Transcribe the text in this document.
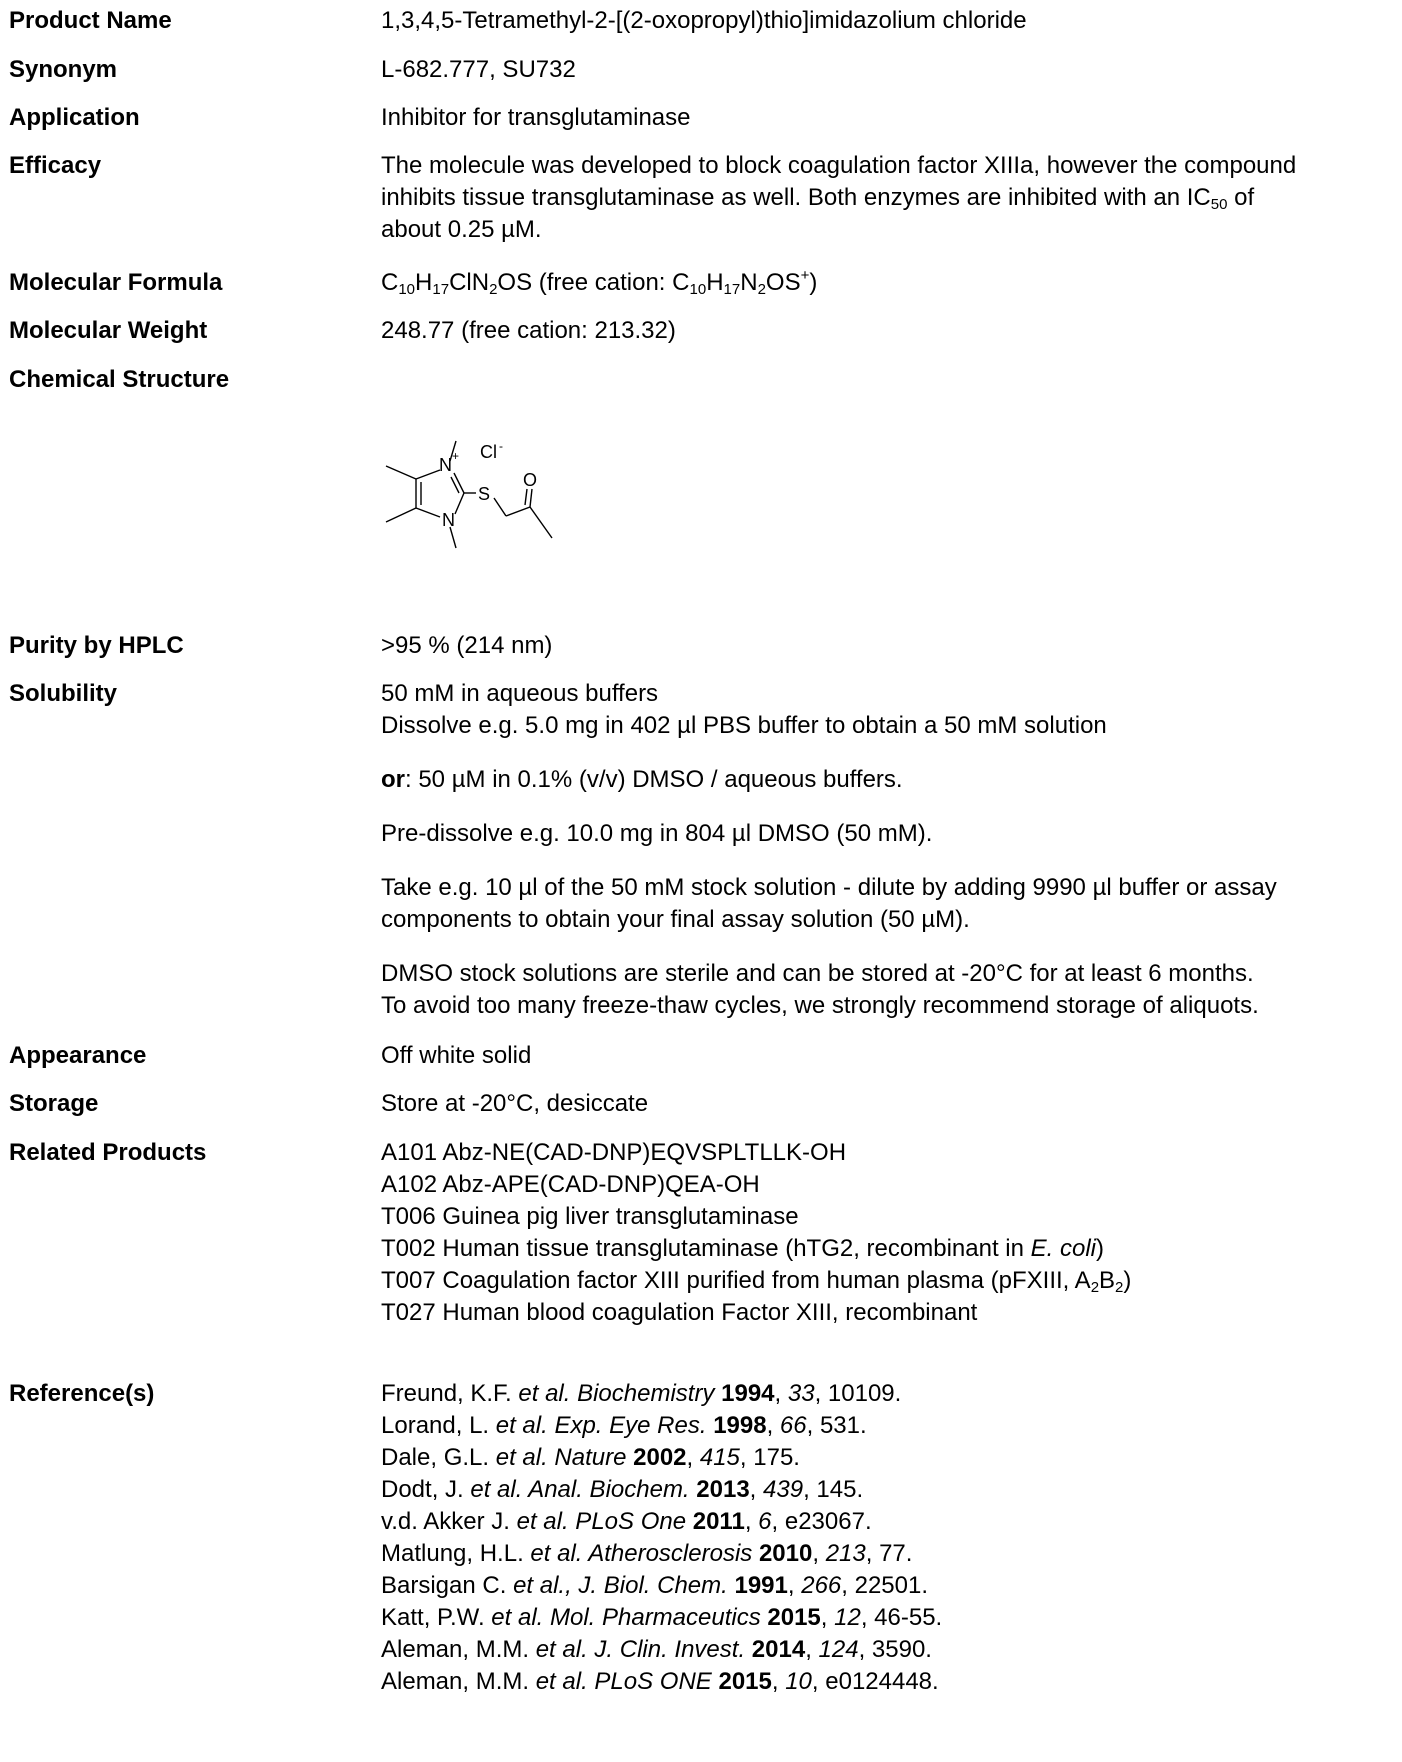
Product Name	1,3,4,5-Tetramethyl-2-[(2-oxopropyl)thio]imidazolium chloride
Synonym	L-682.777, SU732
Application	Inhibitor for transglutaminase
Efficacy	The molecule was developed to block coagulation factor XIIIa, however the compound
inhibits tissue transglutaminase as well. Both enzymes are inhibited with an $IC_{50}$ of
about 0.25 µM.
Molecular Formula	$C_{10}H_{17}ClN_2OS$ (free cation: $C_{10}H_{17}N_2OS^+$)
Molecular Weight	248.77 (free cation: 213.32)
Chemical Structure
N + Cl -
N
S
O
Purity by HPLC	>95 % (214 nm)
Solubility	50 mM in aqueous buffers
Dissolve e.g. 5.0 mg in 402 µl PBS buffer to obtain a 50 mM solution
or: 50 µM in 0.1% (v/v) DMSO / aqueous buffers.
Pre-dissolve e.g. 10.0 mg in 804 µl DMSO (50 mM).
Take e.g. 10 µl of the 50 mM stock solution - dilute by adding 9990 µl buffer or assay
components to obtain your final assay solution (50 µM).
DMSO stock solutions are sterile and can be stored at -20°C for at least 6 months.
To avoid too many freeze-thaw cycles, we strongly recommend storage of aliquots.
Appearance	Off white solid
Storage	Store at -20°C, desiccate
Related Products	A101 Abz-NE(CAD-DNP)EQVSPLTLLK-OH
A102 Abz-APE(CAD-DNP)QEA-OH
T006 Guinea pig liver transglutaminase
T002 Human tissue transglutaminase (hTG2, recombinant in E. coli)
T007 Coagulation factor XIII purified from human plasma (pFXIII, $A_2B_2$)
T027 Human blood coagulation Factor XIII, recombinant
Reference(s)	Freund, K.F. et al. Biochemistry 1994, 33, 10109.
Lorand, L. et al. Exp. Eye Res. 1998, 66, 531.
Dale, G.L. et al. Nature 2002, 415, 175.
Dodt, J. et al. Anal. Biochem. 2013, 439, 145.
v.d. Akker J. et al. PLoS One 2011, 6, e23067.
Matlung, H.L. et al. Atherosclerosis 2010, 213, 77.
Barsigan C. et al., J. Biol. Chem. 1991, 266, 22501.
Katt, P.W. et al. Mol. Pharmaceutics 2015, 12, 46-55.
Aleman, M.M. et al. J. Clin. Invest. 2014, 124, 3590.
Aleman, M.M. et al. PLoS ONE 2015, 10, e0124448.
